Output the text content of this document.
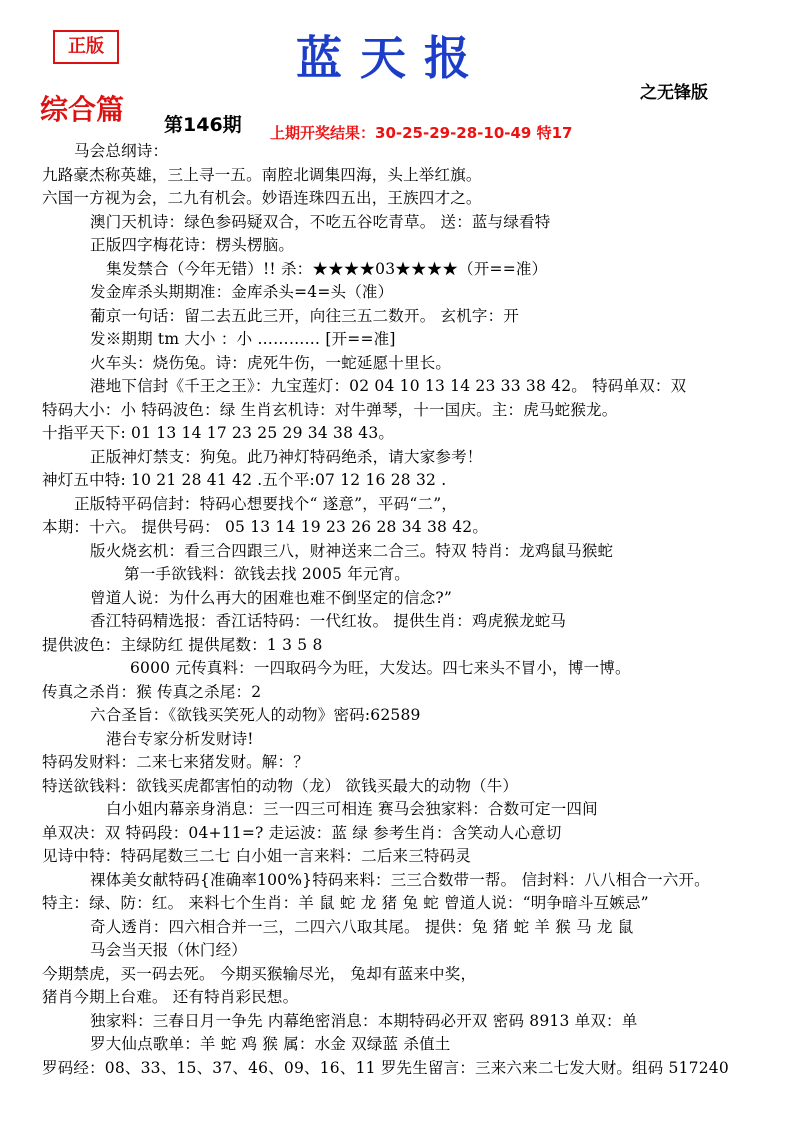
正版	蓝天报
之无锋版
综合篇 第146期 上期开奖结果：30-25-29-28-10-49 特17
马会总纲诗：
九路豪杰称英雄，三上寻一五。南腔北调集四海，头上举红旗。
六国一方视为会，二九有机会。妙语连珠四五出，王族四才之。
澳门天机诗：绿色参码疑双合，不吃五谷吃青草。 送：蓝与绿看特
正版四字梅花诗：楞头楞脑。
集发禁合（今年无错）!! 杀：★★★★03★★★★（开==准）
发金库杀头期期准：金库杀头=4=头（准）
葡京一句话：留二去五此三开，向往三五二数开。 玄机字：开
发※期期 tm 大小 ：小 ………… [开==准]
火车头：烧伤兔。诗：虎死牛伤，一蛇延愿十里长。
港地下信封《千王之王》：九宝莲灯：02 04 10 13 14 23 33 38 42。 特码单双：双
特码大小：小 特码波色：绿 生肖玄机诗：对牛弹琴，十一国庆。主：虎马蛇猴龙。
十指平天下: 01 13 14 17 23 25 29 34 38 43。
正版神灯禁支：狗兔。此乃神灯特码绝杀，请大家参考！
神灯五中特: 10 21 28 41 42 .五个平:07 12 16 28 32 .
正版特平码信封：特码心想要找个“ 遂意”，平码“二”，
本期：十六。 提供号码： 05 13 14 19 23 26 28 34 38 42。
版火烧玄机：看三合四跟三八，财神送来二合三。特双 特肖：龙鸡鼠马猴蛇
第一手欲钱料：欲钱去找 2005 年元宵。
曾道人说：为什么再大的困难也难不倒坚定的信念?”
香江特码精选报：香江话特码：一代红妆。 提供生肖：鸡虎猴龙蛇马
提供波色：主绿防红 提供尾数：1 3 5 8
6000 元传真料：一四取码今为旺，大发达。四七来头不冒小，博一博。
传真之杀肖：猴 传真之杀尾：2
六合圣旨：《欲钱买笑死人的动物》密码:62589
港台专家分析发财诗!
特码发财料：二来七来猪发财。解：？
特送欲钱料：欲钱买虎都害怕的动物（龙） 欲钱买最大的动物（牛）
白小姐内幕亲身消息：三一四三可相连 赛马会独家料：合数可定一四间
单双决：双 特码段：04+11=? 走运波：蓝 绿 参考生肖：含笑动人心意切
见诗中特：特码尾数三二七 白小姐一言来料：二后来三特码灵
裸体美女献特码{准确率100%}特码来料：三三合数带一帮。 信封料：八八相合一六开。
特主：绿、防：红。 来料七个生肖：羊 鼠 蛇 龙 猪 兔 蛇 曾道人说：“明争暗斗互嫉忌”
奇人透肖：四六相合并一三，二四六八取其尾。 提供：兔 猪 蛇 羊 猴 马 龙 鼠
马会当天报（休门经）
今期禁虎，买一码去死。 今期买猴输尽光， 兔却有蓝来中奖，
猪肖今期上台难。 还有特肖彩民想。
独家料：三春日月一争先 内幕绝密消息：本期特码必开双 密码 8913 单双：单
罗大仙点歌单：羊 蛇 鸡 猴 属：水金 双绿蓝 杀值土
罗码经：08、33、15、37、46、09、16、11 罗先生留言：三来六来二七发大财。组码 517240
